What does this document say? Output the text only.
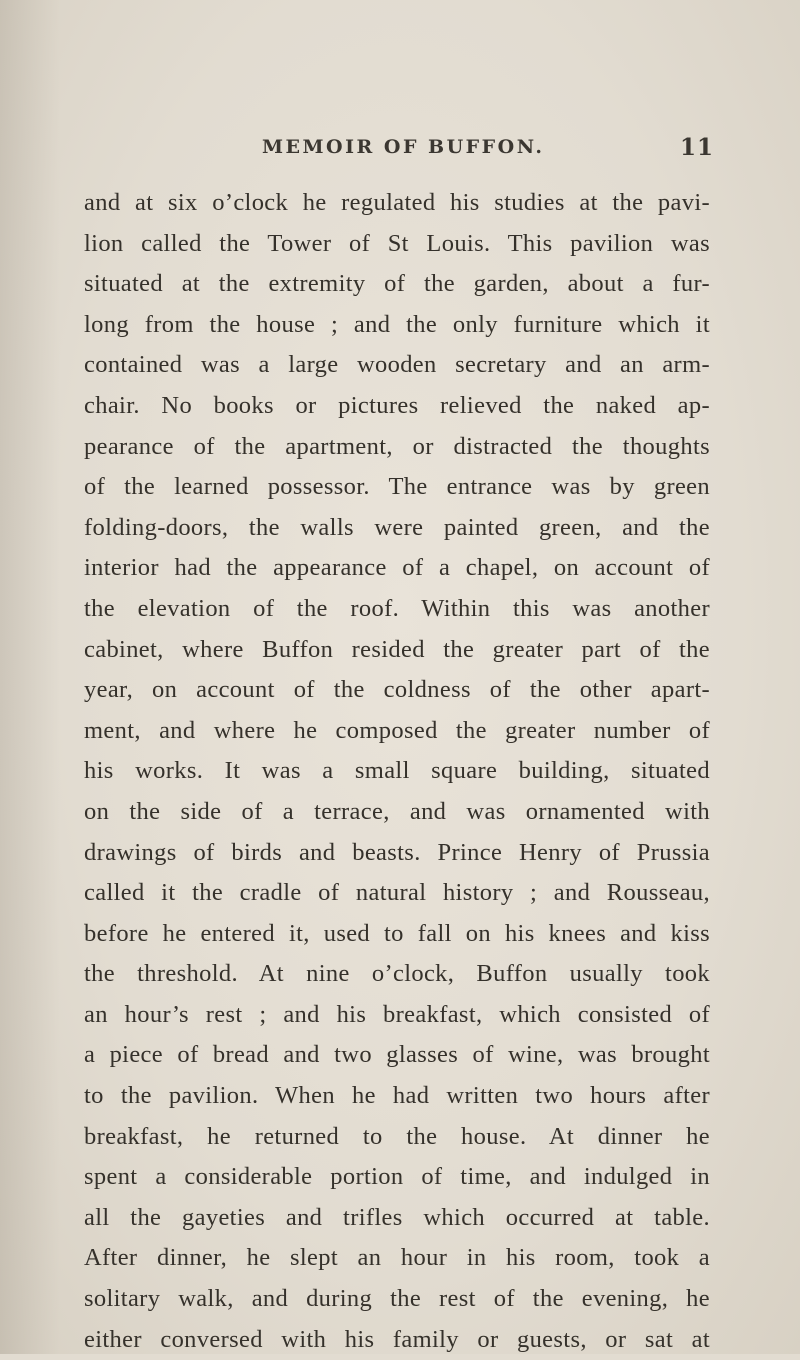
MEMOIR OF BUFFON.	11
and at six o’clock he regulated his studies at the pavi-
lion called the Tower of St Louis. This pavilion was
situated at the extremity of the garden, about a fur-
long from the house ; and the only furniture which it
contained was a large wooden secretary and an arm-
chair. No books or pictures relieved the naked ap-
pearance of the apartment, or distracted the thoughts
of the learned possessor. The entrance was by green
folding-doors, the walls were painted green, and the
interior had the appearance of a chapel, on account of
the elevation of the roof. Within this was another
cabinet, where Buffon resided the greater part of the
year, on account of the coldness of the other apart-
ment, and where he composed the greater number of
his works. It was a small square building, situated
on the side of a terrace, and was ornamented with
drawings of birds and beasts. Prince Henry of Prussia
called it the cradle of natural history ; and Rousseau,
before he entered it, used to fall on his knees and kiss
the threshold. At nine o’clock, Buffon usually took
an hour’s rest ; and his breakfast, which consisted of
a piece of bread and two glasses of wine, was brought
to the pavilion. When he had written two hours after
breakfast, he returned to the house. At dinner he
spent a considerable portion of time, and indulged in
all the gayeties and trifles which occurred at table.
After dinner, he slept an hour in his room, took a
solitary walk, and during the rest of the evening, he
either conversed with his family or guests, or sat at
